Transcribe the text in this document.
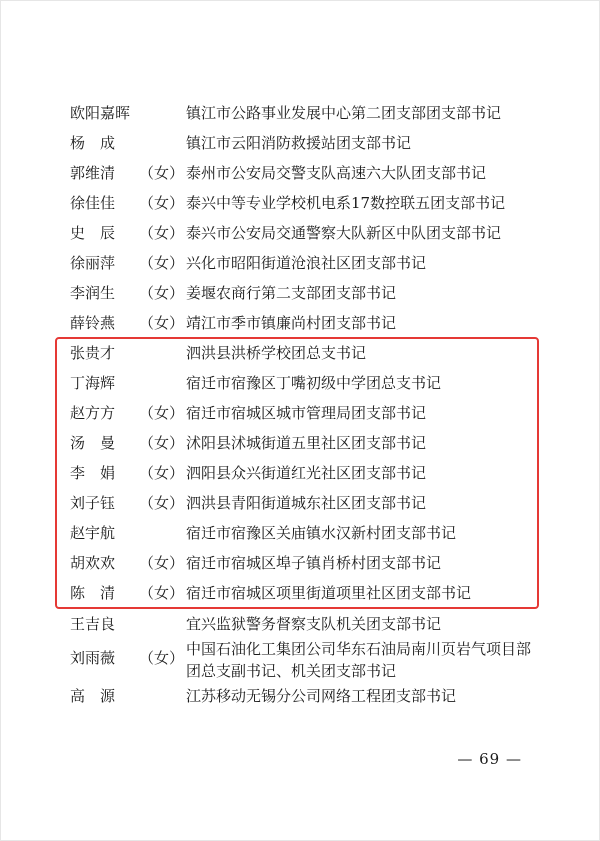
欧阳嘉晖	镇江市公路事业发展中心第二团支部团支部书记
杨　成	镇江市云阳消防救援站团支部书记
郭维清 （女） 泰州市公安局交警支队高速六大队团支部书记
徐佳佳 （女） 泰兴中等专业学校机电系17数控联五团支部书记
史　辰 （女） 泰兴市公安局交通警察大队新区中队团支部书记
徐丽萍 （女） 兴化市昭阳街道沧浪社区团支部书记
李润生 （女） 姜堰农商行第二支部团支部书记
薛铃燕 （女） 靖江市季市镇廉尚村团支部书记
张贵才	泗洪县洪桥学校团总支书记
丁海辉	宿迁市宿豫区丁嘴初级中学团总支书记
赵方方 （女） 宿迁市宿城区城市管理局团支部书记
汤　曼 （女） 沭阳县沭城街道五里社区团支部书记
李　娟 （女） 泗阳县众兴街道红光社区团支部书记
刘子钰 （女） 泗洪县青阳街道城东社区团支部书记
赵宇航	宿迁市宿豫区关庙镇水汉新村团支部书记
胡欢欢 （女） 宿迁市宿城区埠子镇肖桥村团支部书记
陈　清 （女） 宿迁市宿城区项里街道项里社区团支部书记
王吉良	宜兴监狱警务督察支队机关团支部书记
刘雨薇 （女） 中国石油化工集团公司华东石油局南川页岩气项目部团总支副书记、机关团支部书记
高　源	江苏移动无锡分公司网络工程团支部书记
— 69 —
